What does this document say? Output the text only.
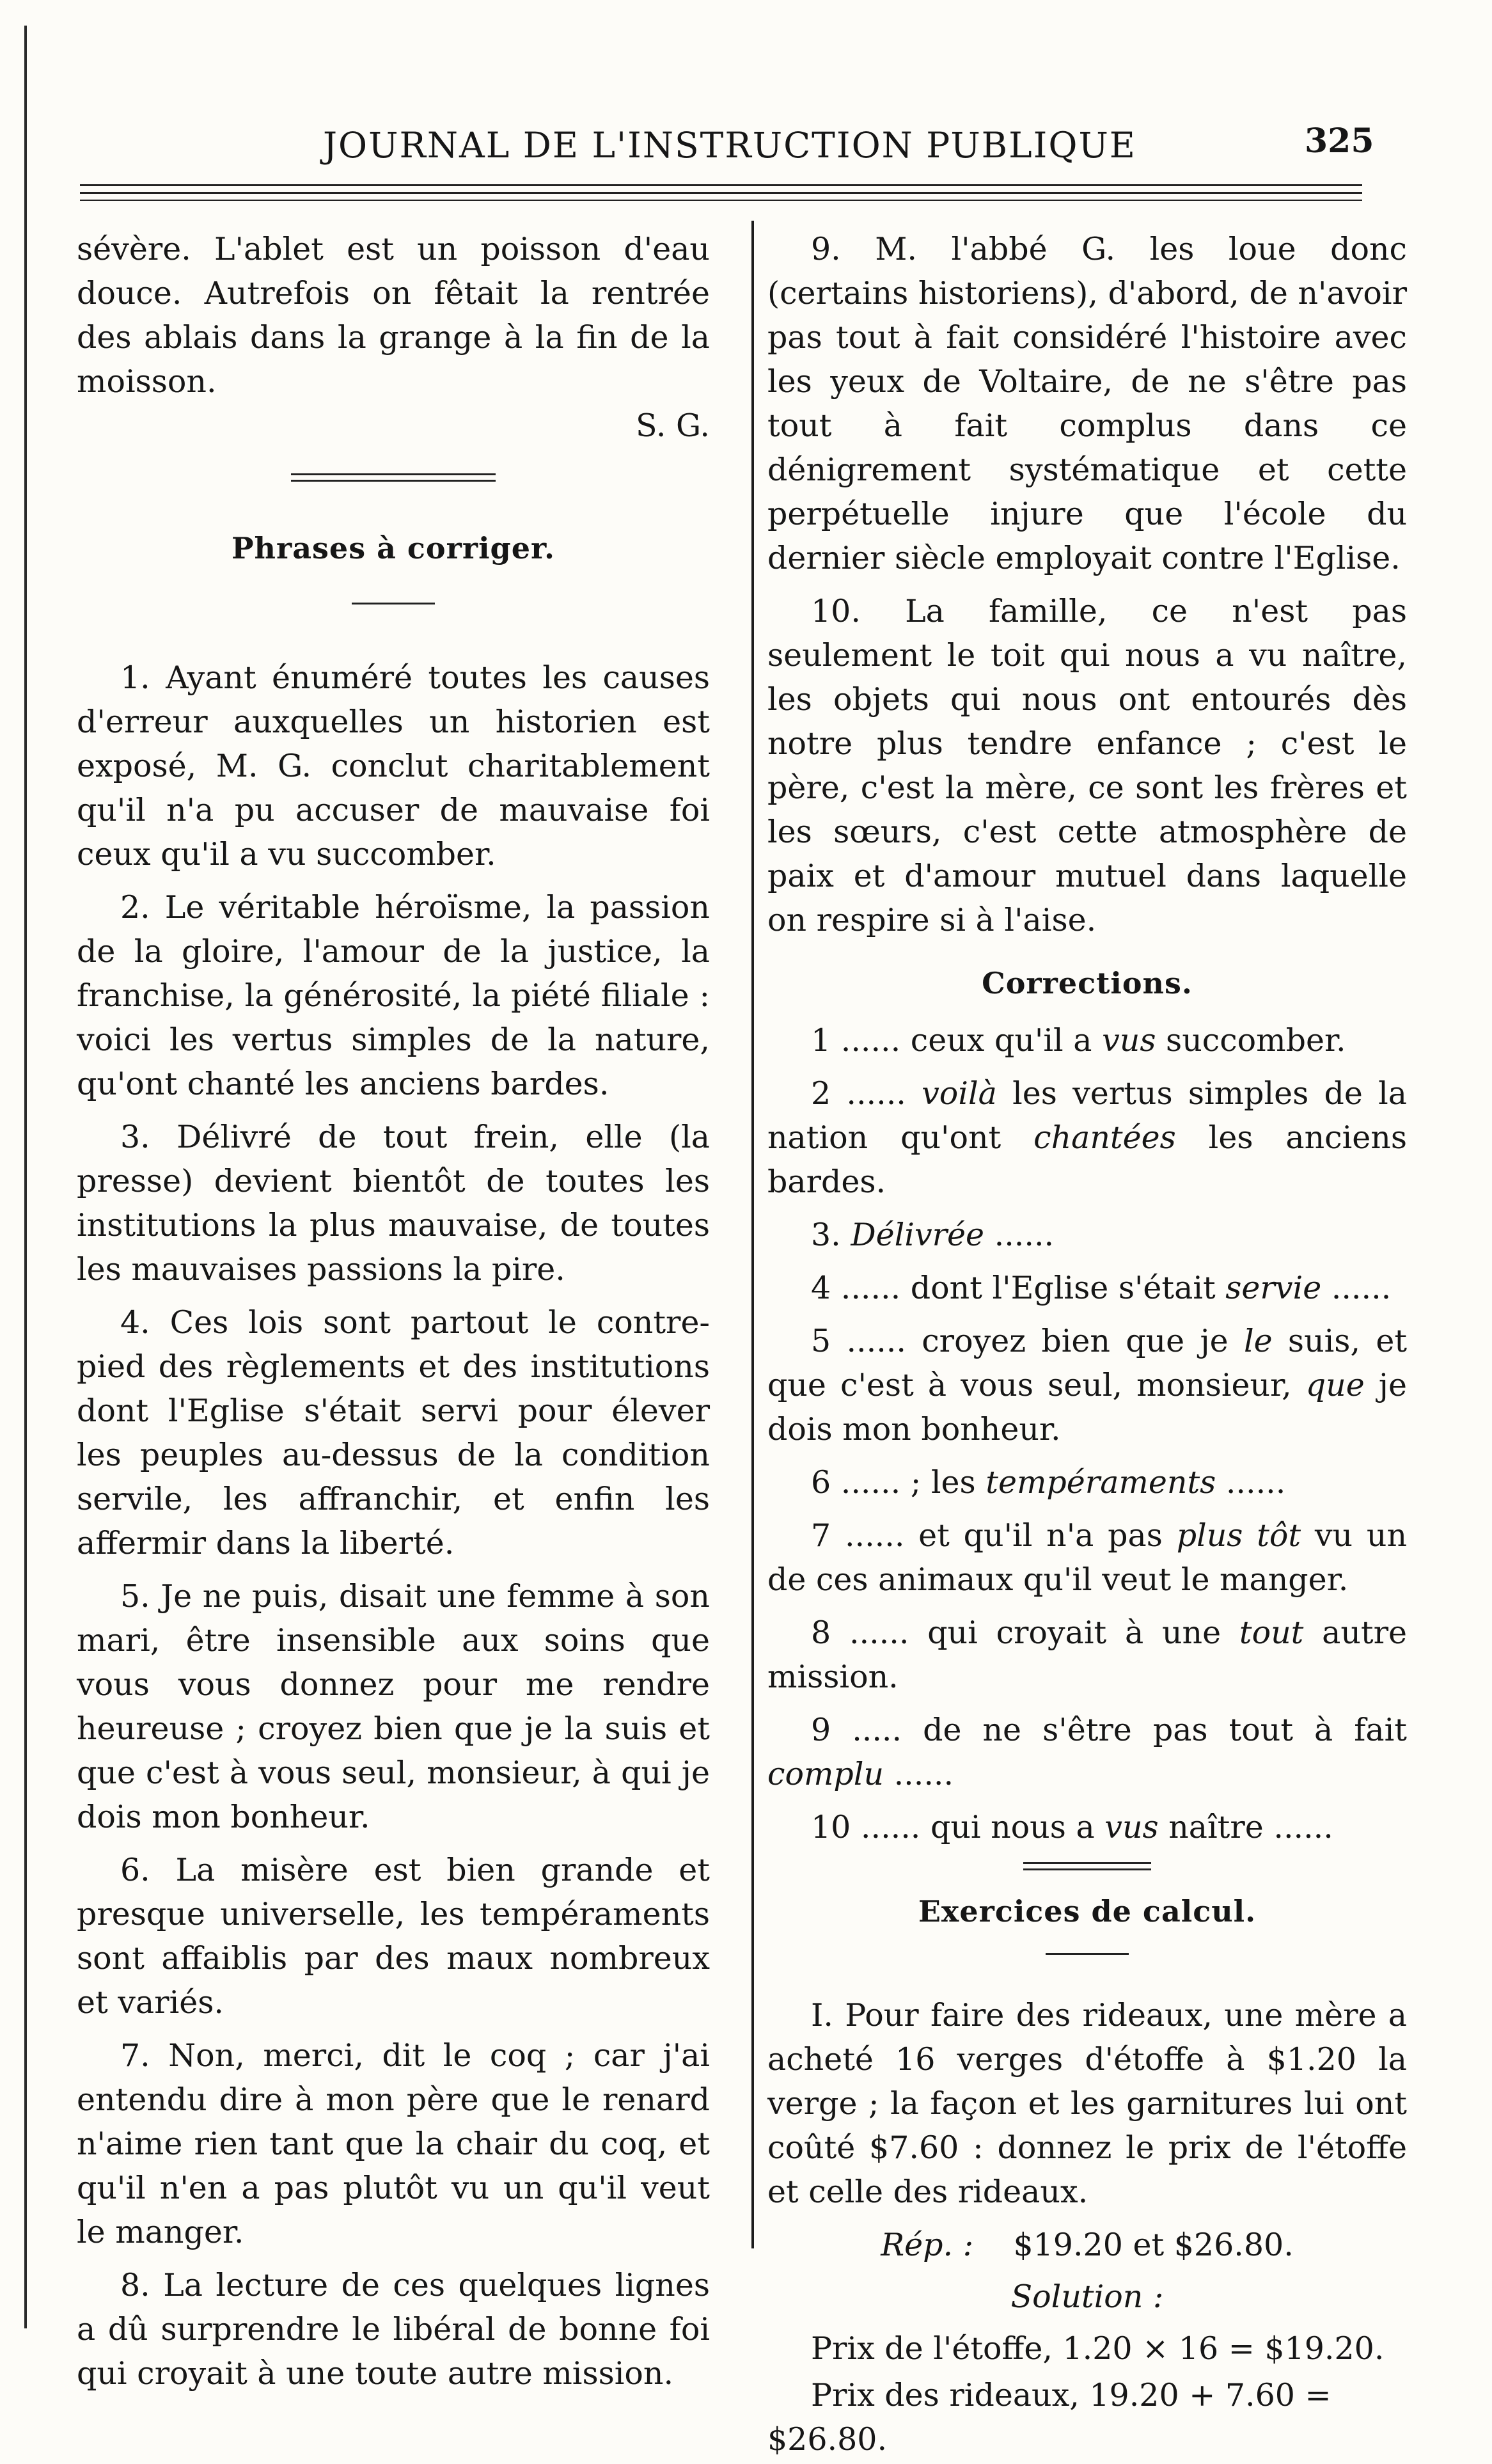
JOURNAL DE L'INSTRUCTION PUBLIQUE	325

sévère. L'ablet est un poisson d'eau douce. Autrefois on fêtait la rentrée des ablais dans la grange à la fin de la moisson.

S. G.
Phrases à corriger.

1. Ayant énuméré toutes les causes d'erreur auxquelles un historien est exposé, M. G. conclut charitablement qu'il n'a pu accuser de mauvaise foi ceux qu'il a vu succomber.

2. Le véritable héroïsme, la passion de la gloire, l'amour de la justice, la franchise, la générosité, la piété filiale : voici les vertus simples de la nature, qu'ont chanté les anciens bardes.

3. Délivré de tout frein, elle (la presse) devient bientôt de toutes les institutions la plus mauvaise, de toutes les mauvaises passions la pire.

4. Ces lois sont partout le contre-pied des règlements et des institutions dont l'Eglise s'était servi pour élever les peuples au-dessus de la condition servile, les affranchir, et enfin les affermir dans la liberté.

5. Je ne puis, disait une femme à son mari, être insensible aux soins que vous vous donnez pour me rendre heureuse ; croyez bien que je la suis et que c'est à vous seul, monsieur, à qui je dois mon bonheur.

6. La misère est bien grande et presque universelle, les tempéraments sont affaiblis par des maux nombreux et variés.

7. Non, merci, dit le coq ; car j'ai entendu dire à mon père que le renard n'aime rien tant que la chair du coq, et qu'il n'en a pas plutôt vu un qu'il veut le manger.

8. La lecture de ces quelques lignes a dû surprendre le libéral de bonne foi qui croyait à une toute autre mission.

9. M. l'abbé G. les loue donc (certains historiens), d'abord, de n'avoir pas tout à fait considéré l'histoire avec les yeux de Voltaire, de ne s'être pas tout à fait complus dans ce dénigrement systématique et cette perpétuelle injure que l'école du dernier siècle employait contre l'Eglise.

10. La famille, ce n'est pas seulement le toit qui nous a vu naître, les objets qui nous ont entourés dès notre plus tendre enfance ; c'est le père, c'est la mère, ce sont les frères et les sœurs, c'est cette atmosphère de paix et d'amour mutuel dans laquelle on respire si à l'aise.

Corrections.

1 ...... ceux qu'il a vus succomber.

2 ...... voilà les vertus simples de la nation qu'ont chantées les anciens bardes.

3. Délivrée ......

4 ...... dont l'Eglise s'était servie ......

5 ...... croyez bien que je le suis, et que c'est à vous seul, monsieur, que je dois mon bonheur.

6 ...... ; les tempéraments ......

7 ...... et qu'il n'a pas plus tôt vu un de ces animaux qu'il veut le manger.

8 ...... qui croyait à une tout autre mission.

9 ..... de ne s'être pas tout à fait complu ......

10 ...... qui nous a vus naître ......

Exercices de calcul.

I. Pour faire des rideaux, une mère a acheté 16 verges d'étoffe à $1.20 la verge ; la façon et les garnitures lui ont coûté $7.60 : donnez le prix de l'étoffe et celle des rideaux.

Rép. : $19.20 et $26.80.
Solution :
Prix de l'étoffe, 1.20 × 16 = $19.20.
Prix des rideaux, 19.20 + 7.60 = $26.80.
